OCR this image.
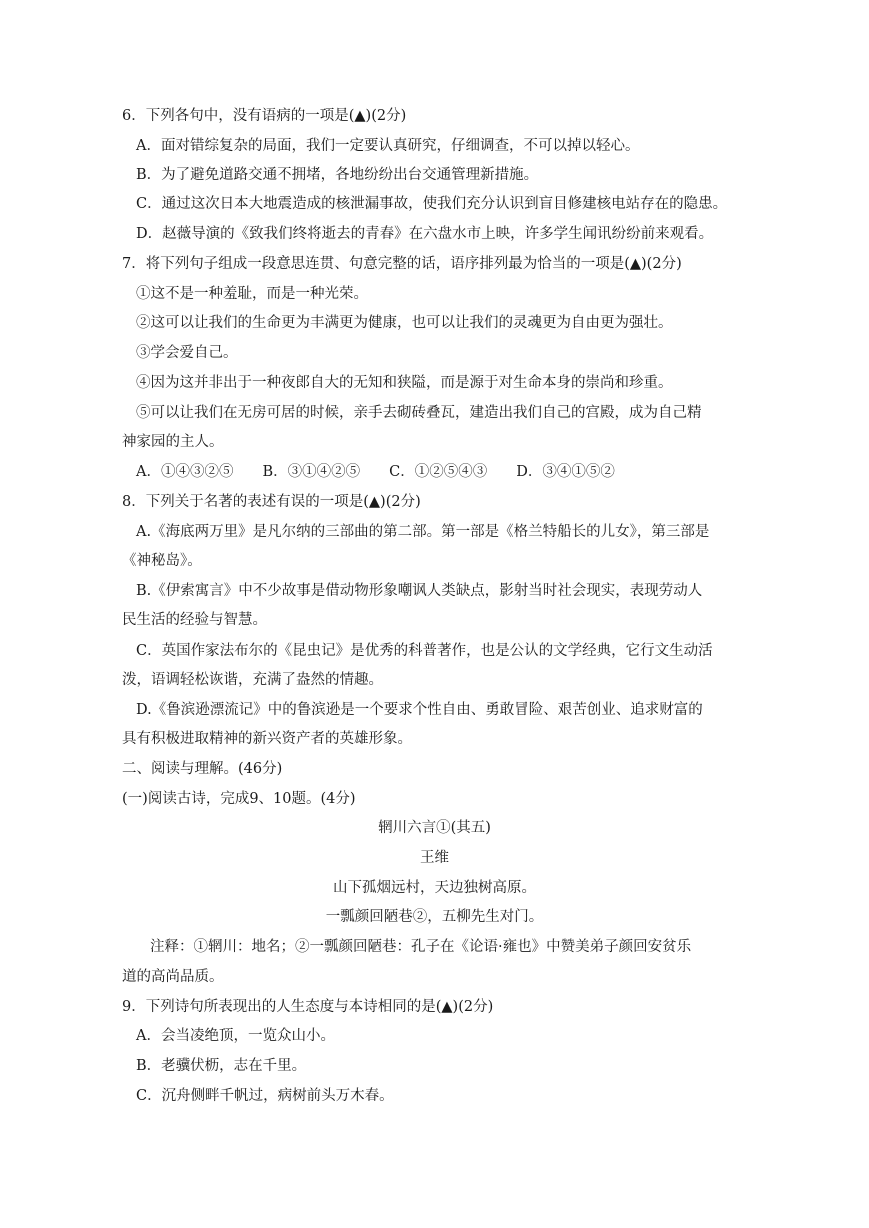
6．下列各句中，没有语病的一项是(▲)(2分)
A．面对错综复杂的局面，我们一定要认真研究，仔细调查，不可以掉以轻心。
B．为了避免道路交通不拥堵，各地纷纷出台交通管理新措施。
C．通过这次日本大地震造成的核泄漏事故，使我们充分认识到盲目修建核电站存在的隐患。
D．赵薇导演的《致我们终将逝去的青春》在六盘水市上映，许多学生闻讯纷纷前来观看。
7．将下列句子组成一段意思连贯、句意完整的话，语序排列最为恰当的一项是(▲)(2分)
①这不是一种羞耻，而是一种光荣。
②这可以让我们的生命更为丰满更为健康，也可以让我们的灵魂更为自由更为强壮。
③学会爱自己。
④因为这并非出于一种夜郎自大的无知和狭隘，而是源于对生命本身的崇尚和珍重。
⑤可以让我们在无房可居的时候，亲手去砌砖叠瓦，建造出我们自己的宫殿，成为自己精
神家园的主人。
A．①④③②⑤　　B．③①④②⑤　　C．①②⑤④③　　D．③④①⑤②
8．下列关于名著的表述有误的一项是(▲)(2分)
A.《海底两万里》是凡尔纳的三部曲的第二部。第一部是《格兰特船长的儿女》，第三部是
《神秘岛》。
B.《伊索寓言》中不少故事是借动物形象嘲讽人类缺点，影射当时社会现实，表现劳动人
民生活的经验与智慧。
C．英国作家法布尔的《昆虫记》是优秀的科普著作，也是公认的文学经典，它行文生动活
泼，语调轻松诙谐，充满了盎然的情趣。
D.《鲁滨逊漂流记》中的鲁滨逊是一个要求个性自由、勇敢冒险、艰苦创业、追求财富的
具有积极进取精神的新兴资产者的英雄形象。
二、阅读与理解。(46分)
(一)阅读古诗，完成9、10题。(4分)
辋川六言①(其五)
王维
山下孤烟远村，天边独树高原。
一瓢颜回陋巷②，五柳先生对门。
注释：①辋川：地名；②一瓢颜回陋巷：孔子在《论语·雍也》中赞美弟子颜回安贫乐
道的高尚品质。
9．下列诗句所表现出的人生态度与本诗相同的是(▲)(2分)
A．会当凌绝顶，一览众山小。
B．老骥伏枥，志在千里。
C．沉舟侧畔千帆过，病树前头万木春。
